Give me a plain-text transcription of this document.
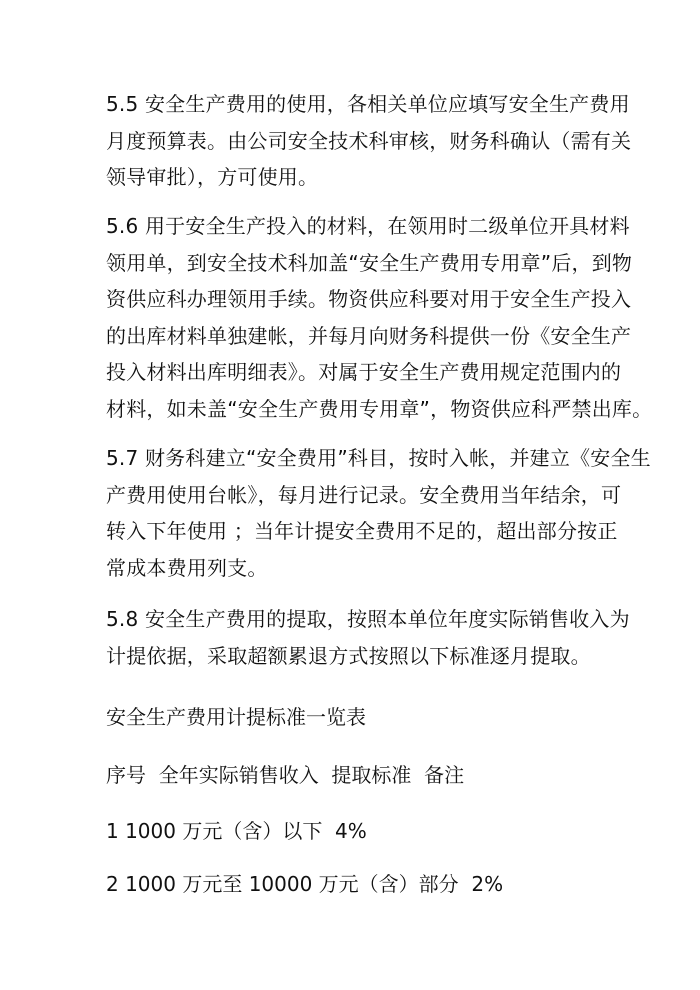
5.5 安全生产费用的使用，各相关单位应填写安全生产费用
月度预算表。由公司安全技术科审核，财务科确认（需有关
领导审批），方可使用。
5.6 用于安全生产投入的材料，在领用时二级单位开具材料
领用单，到安全技术科加盖“安全生产费用专用章”后，到物
资供应科办理领用手续。物资供应科要对用于安全生产投入
的出库材料单独建帐，并每月向财务科提供一份《安全生产
投入材料出库明细表》。对属于安全生产费用规定范围内的
材料，如未盖“安全生产费用专用章”，物资供应科严禁出库。
5.7 财务科建立“安全费用”科目，按时入帐，并建立《安全生
产费用使用台帐》，每月进行记录。安全费用当年结余，可
转入下年使用 ；当年计提安全费用不足的，超出部分按正
常成本费用列支。
5.8 安全生产费用的提取，按照本单位年度实际销售收入为
计提依据，采取超额累退方式按照以下标准逐月提取。

安全生产费用计提标准一览表

序号  全年实际销售收入  提取标准  备注

1 1000 万元（含）以下  4%

2 1000 万元至 10000 万元（含）部分  2%
